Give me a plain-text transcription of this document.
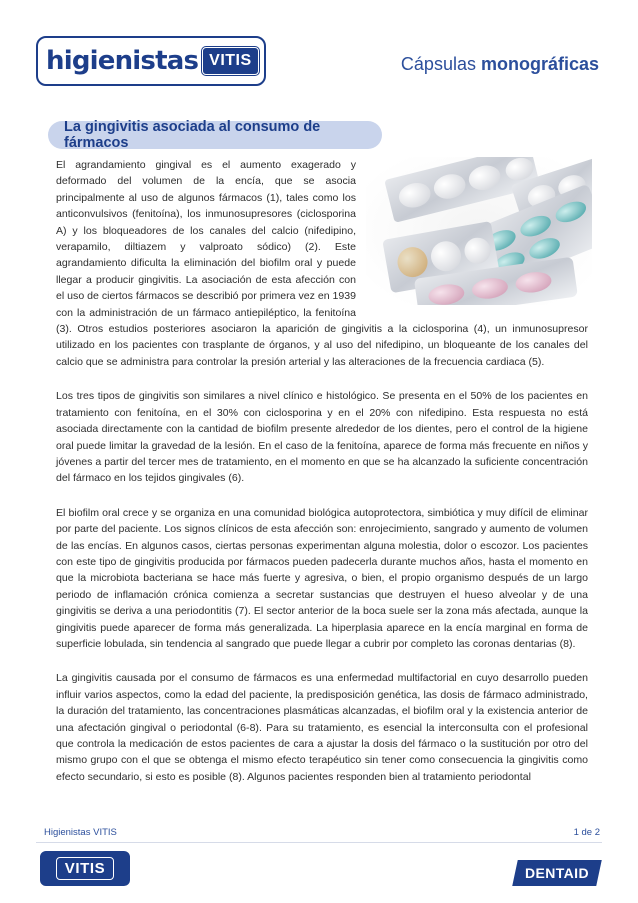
higienistas VITIS	Cápsulas monográficas
La gingivitis asociada al consumo de fármacos

El agrandamiento gingival es el aumento exagerado y deformado del volumen de la encía, que se asocia principalmente al uso de algunos fármacos (1), tales como los anticonvulsivos (fenitoína), los inmunosupresores (ciclosporina A) y los bloqueadores de los canales del calcio (nifedipino, verapamilo, diltiazem y valproato sódico) (2). Este agrandamiento dificulta la eliminación del biofilm oral y puede llegar a producir gingivitis. La asociación de esta afección con el uso de ciertos fármacos se describió por primera vez en 1939 con la administración de un fármaco antiepiléptico, la fenitoína (3). Otros estudios posteriores asociaron la aparición de gingivitis a la ciclosporina (4), un inmunosupresor utilizado en los pacientes con trasplante de órganos, y al uso del nifedipino, un bloqueante de los canales del calcio que se administra para controlar la presión arterial y las alteraciones de la frecuencia cardiaca (5).

Los tres tipos de gingivitis son similares a nivel clínico e histológico. Se presenta en el 50% de los pacientes en tratamiento con fenitoína, en el 30% con ciclosporina y en el 20% con nifedipino. Esta respuesta no está asociada directamente con la cantidad de biofilm presente alrededor de los dientes, pero el control de la higiene oral puede limitar la gravedad de la lesión. En el caso de la fenitoína, aparece de forma más frecuente en niños y jóvenes a partir del tercer mes de tratamiento, en el momento en que se ha alcanzado la suficiente concentración del fármaco en los tejidos gingivales (6).

El biofilm oral crece y se organiza en una comunidad biológica autoprotectora, simbiótica y muy difícil de eliminar por parte del paciente. Los signos clínicos de esta afección son: enrojecimiento, sangrado y aumento de volumen de las encías. En algunos casos, ciertas personas experimentan alguna molestia, dolor o escozor. Los pacientes con este tipo de gingivitis producida por fármacos pueden padecerla durante muchos años, hasta el momento en que la microbiota bacteriana se hace más fuerte y agresiva, o bien, el propio organismo después de un largo periodo de inflamación crónica comienza a secretar sustancias que destruyen el hueso alveolar y de una gingivitis se deriva a una periodontitis (7). El sector anterior de la boca suele ser la zona más afectada, aunque la gingivitis puede aparecer de forma más generalizada. La hiperplasia aparece en la encía marginal en forma de superficie lobulada, sin tendencia al sangrado que puede llegar a cubrir por completo las coronas dentarias (8).

La gingivitis causada por el consumo de fármacos es una enfermedad multifactorial en cuyo desarrollo pueden influir varios aspectos, como la edad del paciente, la predisposición genética, las dosis de fármaco administrado, la duración del tratamiento, las concentraciones plasmáticas alcanzadas, el biofilm oral y la existencia anterior de una afectación gingival o periodontal (6-8). Para su tratamiento, es esencial la interconsulta con el profesional que controla la medicación de estos pacientes de cara a ajustar la dosis del fármaco o la sustitución por otro del mismo grupo con el que se obtenga el mismo efecto terapéutico sin tener como consecuencia la gingivitis como efecto secundario, si esto es posible (8). Algunos pacientes responden bien al tratamiento periodontal

Higienistas VITIS	1 de 2
VITIS	DENTAID
